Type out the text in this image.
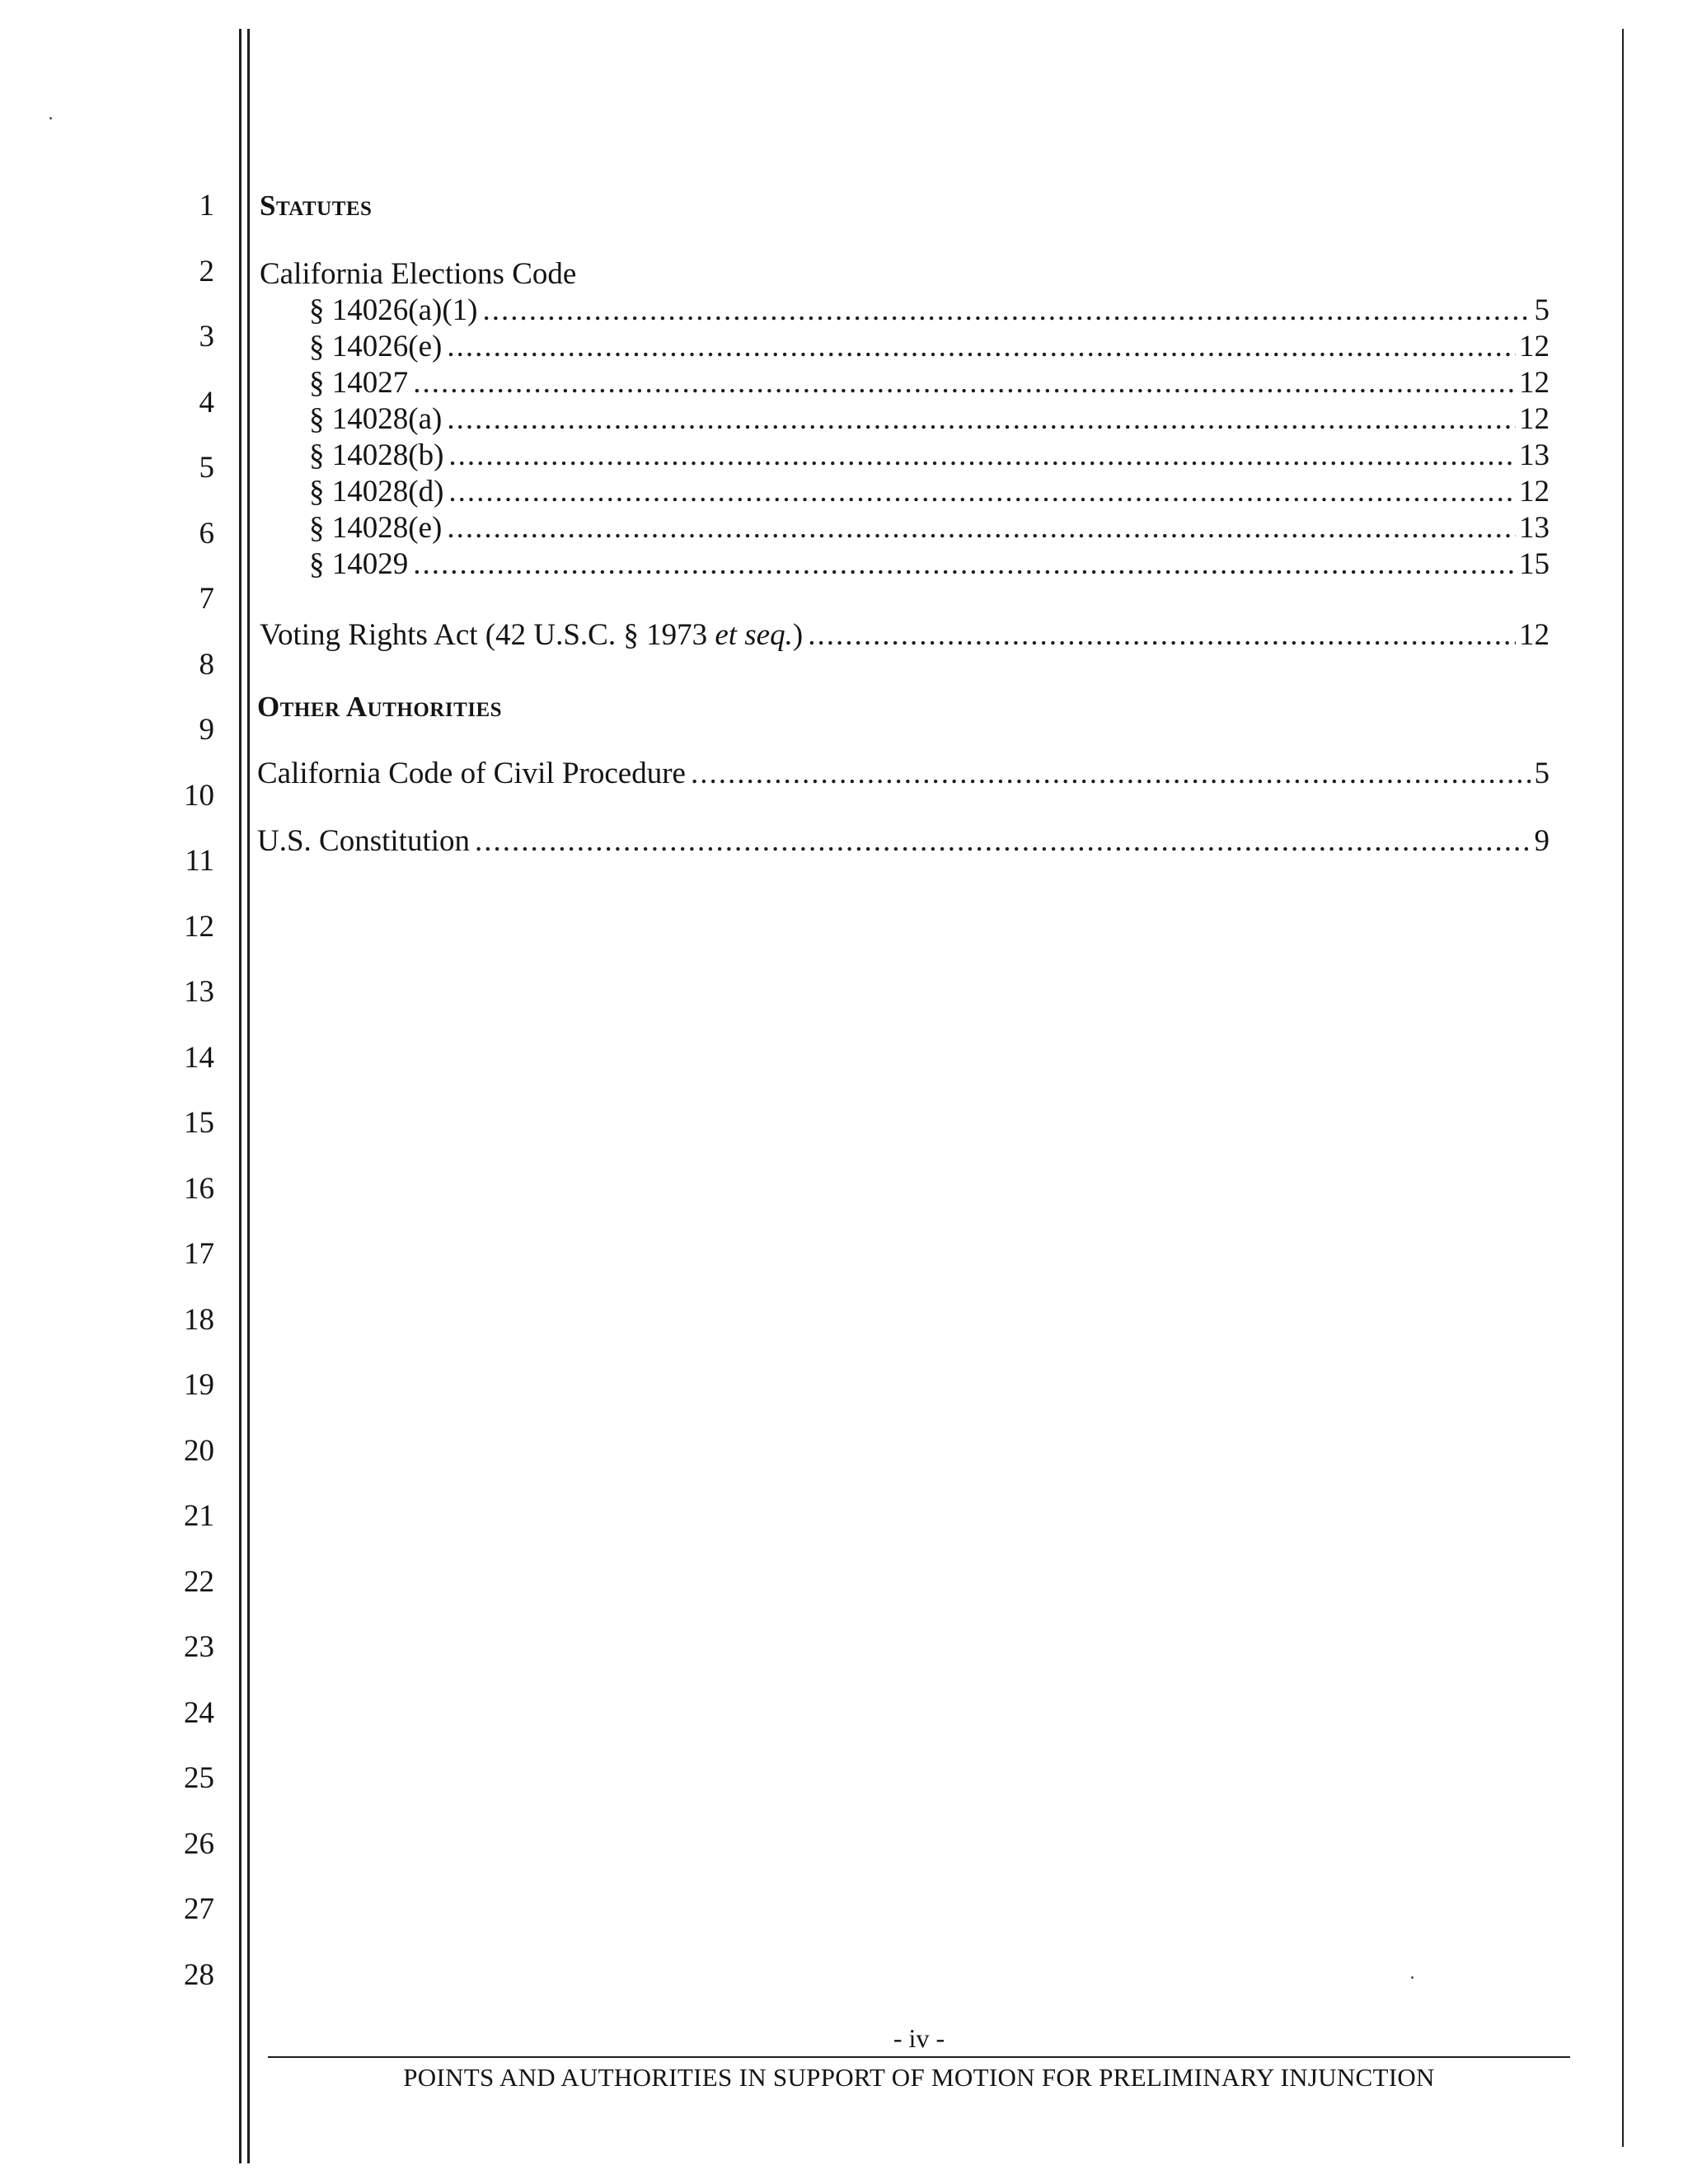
1
2
3
4
5
6
7
8
9
10
11
12
13
14
15
16
17
18
19
20
21
22
23
24
25
26
27
28
Statutes
California Elections Code
§ 14026(a)(1) .....	5
§ 14026(e) .....	12
§ 14027 .....	12
§ 14028(a) .....	12
§ 14028(b) .....	13
§ 14028(d) .....	12
§ 14028(e) .....	13
§ 14029 .....	15
Voting Rights Act (42 U.S.C. § 1973 et seq.) .....	12
Other Authorities
California Code of Civil Procedure .....	5
U.S. Constitution .....	9
- iv -
POINTS AND AUTHORITIES IN SUPPORT OF MOTION FOR PRELIMINARY INJUNCTION
